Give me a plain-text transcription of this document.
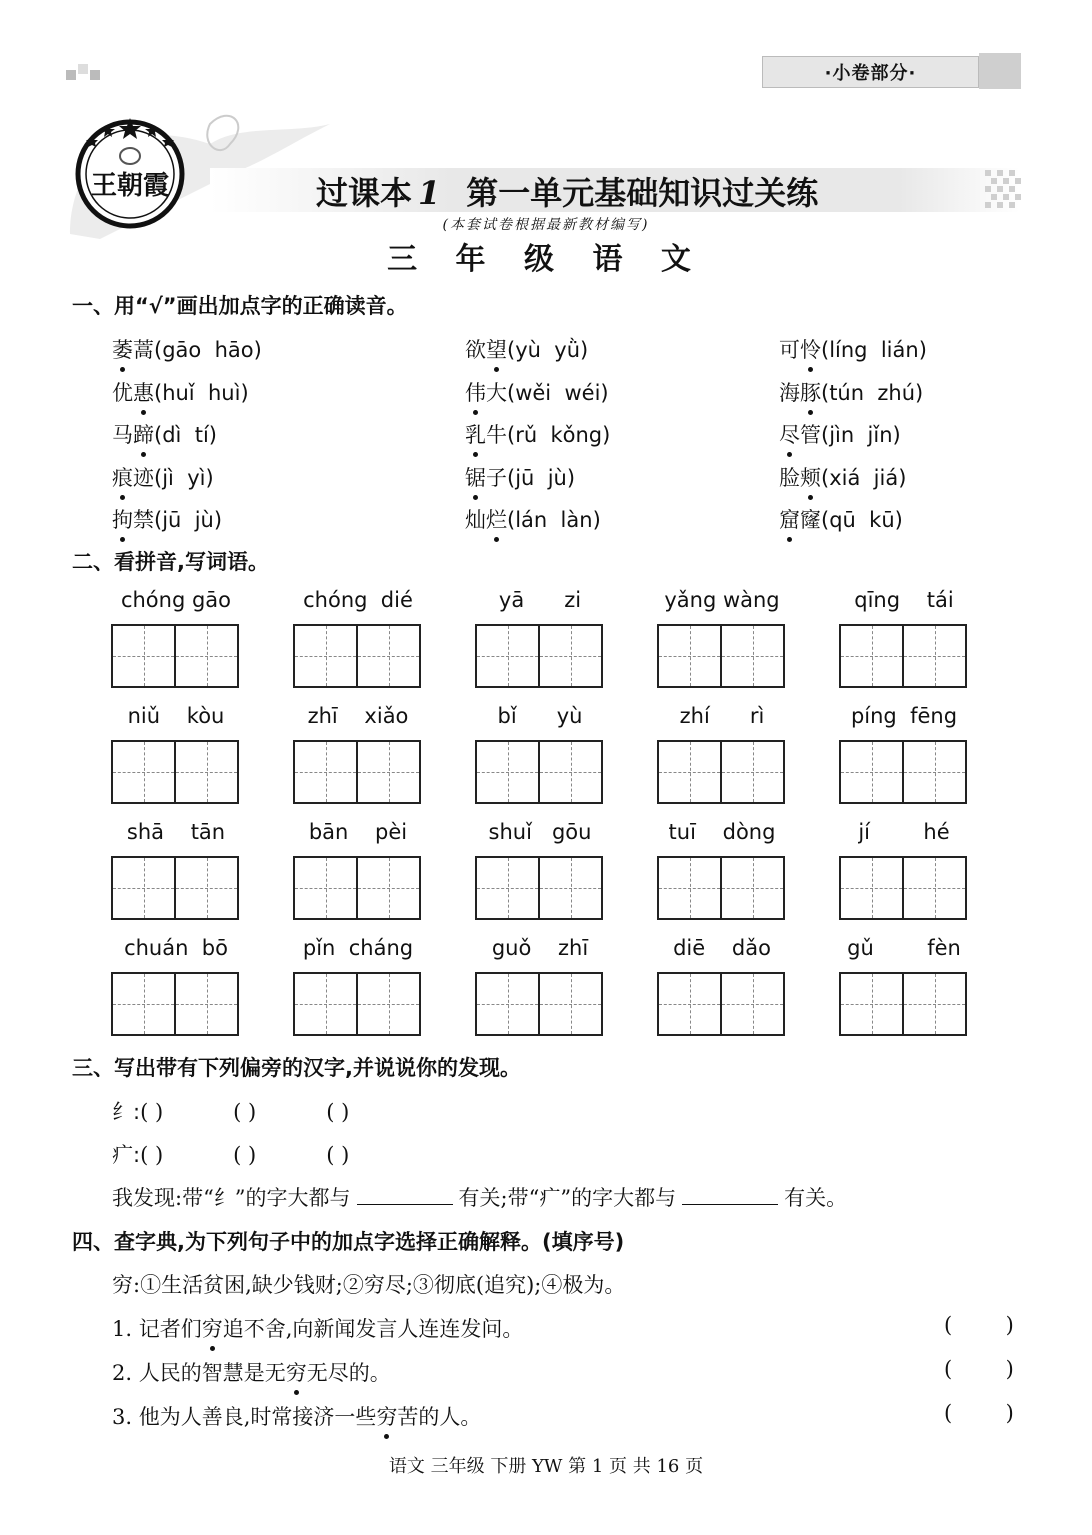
·小卷部分·
王朝霞	过课本 1 第一单元基础知识过关练
(本套试卷根据最新教材编写)
三 年 级 语 文
一、用“√”画出加点字的正确读音。
萎蒿(gāo  hāo)	欲望(yù  yǜ)	可怜(líng  lián)
优惠(huǐ  huì)	伟大(wěi  wéi)	海豚(tún  zhú)
马蹄(dì  tí)	乳牛(rǔ  kǒng)	尽管(jìn  jǐn)
痕迹(jì  yì)	锯子(jū  jù)	脸颊(xiá  jiá)
拘禁(jū  jù)	灿烂(lán  làn)	窟窿(qū  kū)
二、看拼音,写词语。
chóng gāo	chóng  dié	yā      zi	yǎng wàng	qīng    tái
niǔ    kòu	zhī    xiǎo	bǐ      yù	zhí      rì	píng  fēng
shā    tān	bān    pèi	shuǐ   gōu	tuī    dòng	jí        hé
chuán  bō	pǐn  cháng	guǒ    zhī	diē    dǎo	gǔ        fèn
三、写出带有下列偏旁的汉字,并说说你的发现。
纟:( )	( )	( )
疒:( )	( )	( )
我发现:带“纟”的字大都与	有关;带“疒”的字大都与	有关。
四、查字典,为下列句子中的加点字选择正确解释。(填序号)
穷:①生活贫困,缺少钱财;②穷尽;③彻底(追究);④极为。
1. 记者们穷追不舍,向新闻发言人连连发问。	(        )
2. 人民的智慧是无穷无尽的。	(        )
3. 他为人善良,时常接济一些穷苦的人。	(        )
语文 三年级 下册 YW 第 1 页 共 16 页
